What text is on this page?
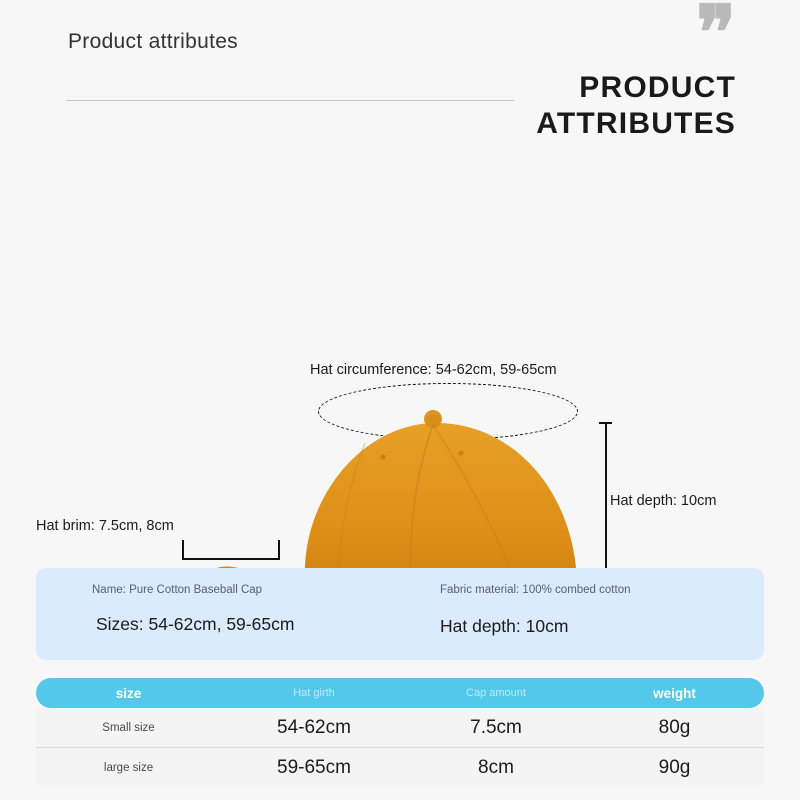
Product attributes	❞
PRODUCT
ATTRIBUTES
Hat circumference: 54-62cm, 59-65cm
Hat depth: 10cm
Hat brim: 7.5cm, 8cm
Name: Pure Cotton Baseball Cap	Fabric material: 100% combed cotton
Sizes: 54-62cm, 59-65cm	Hat depth: 10cm
size	Hat girth	Cap amount	weight
Small size	54-62cm	7.5cm	80g
large size	59-65cm	8cm	90g
